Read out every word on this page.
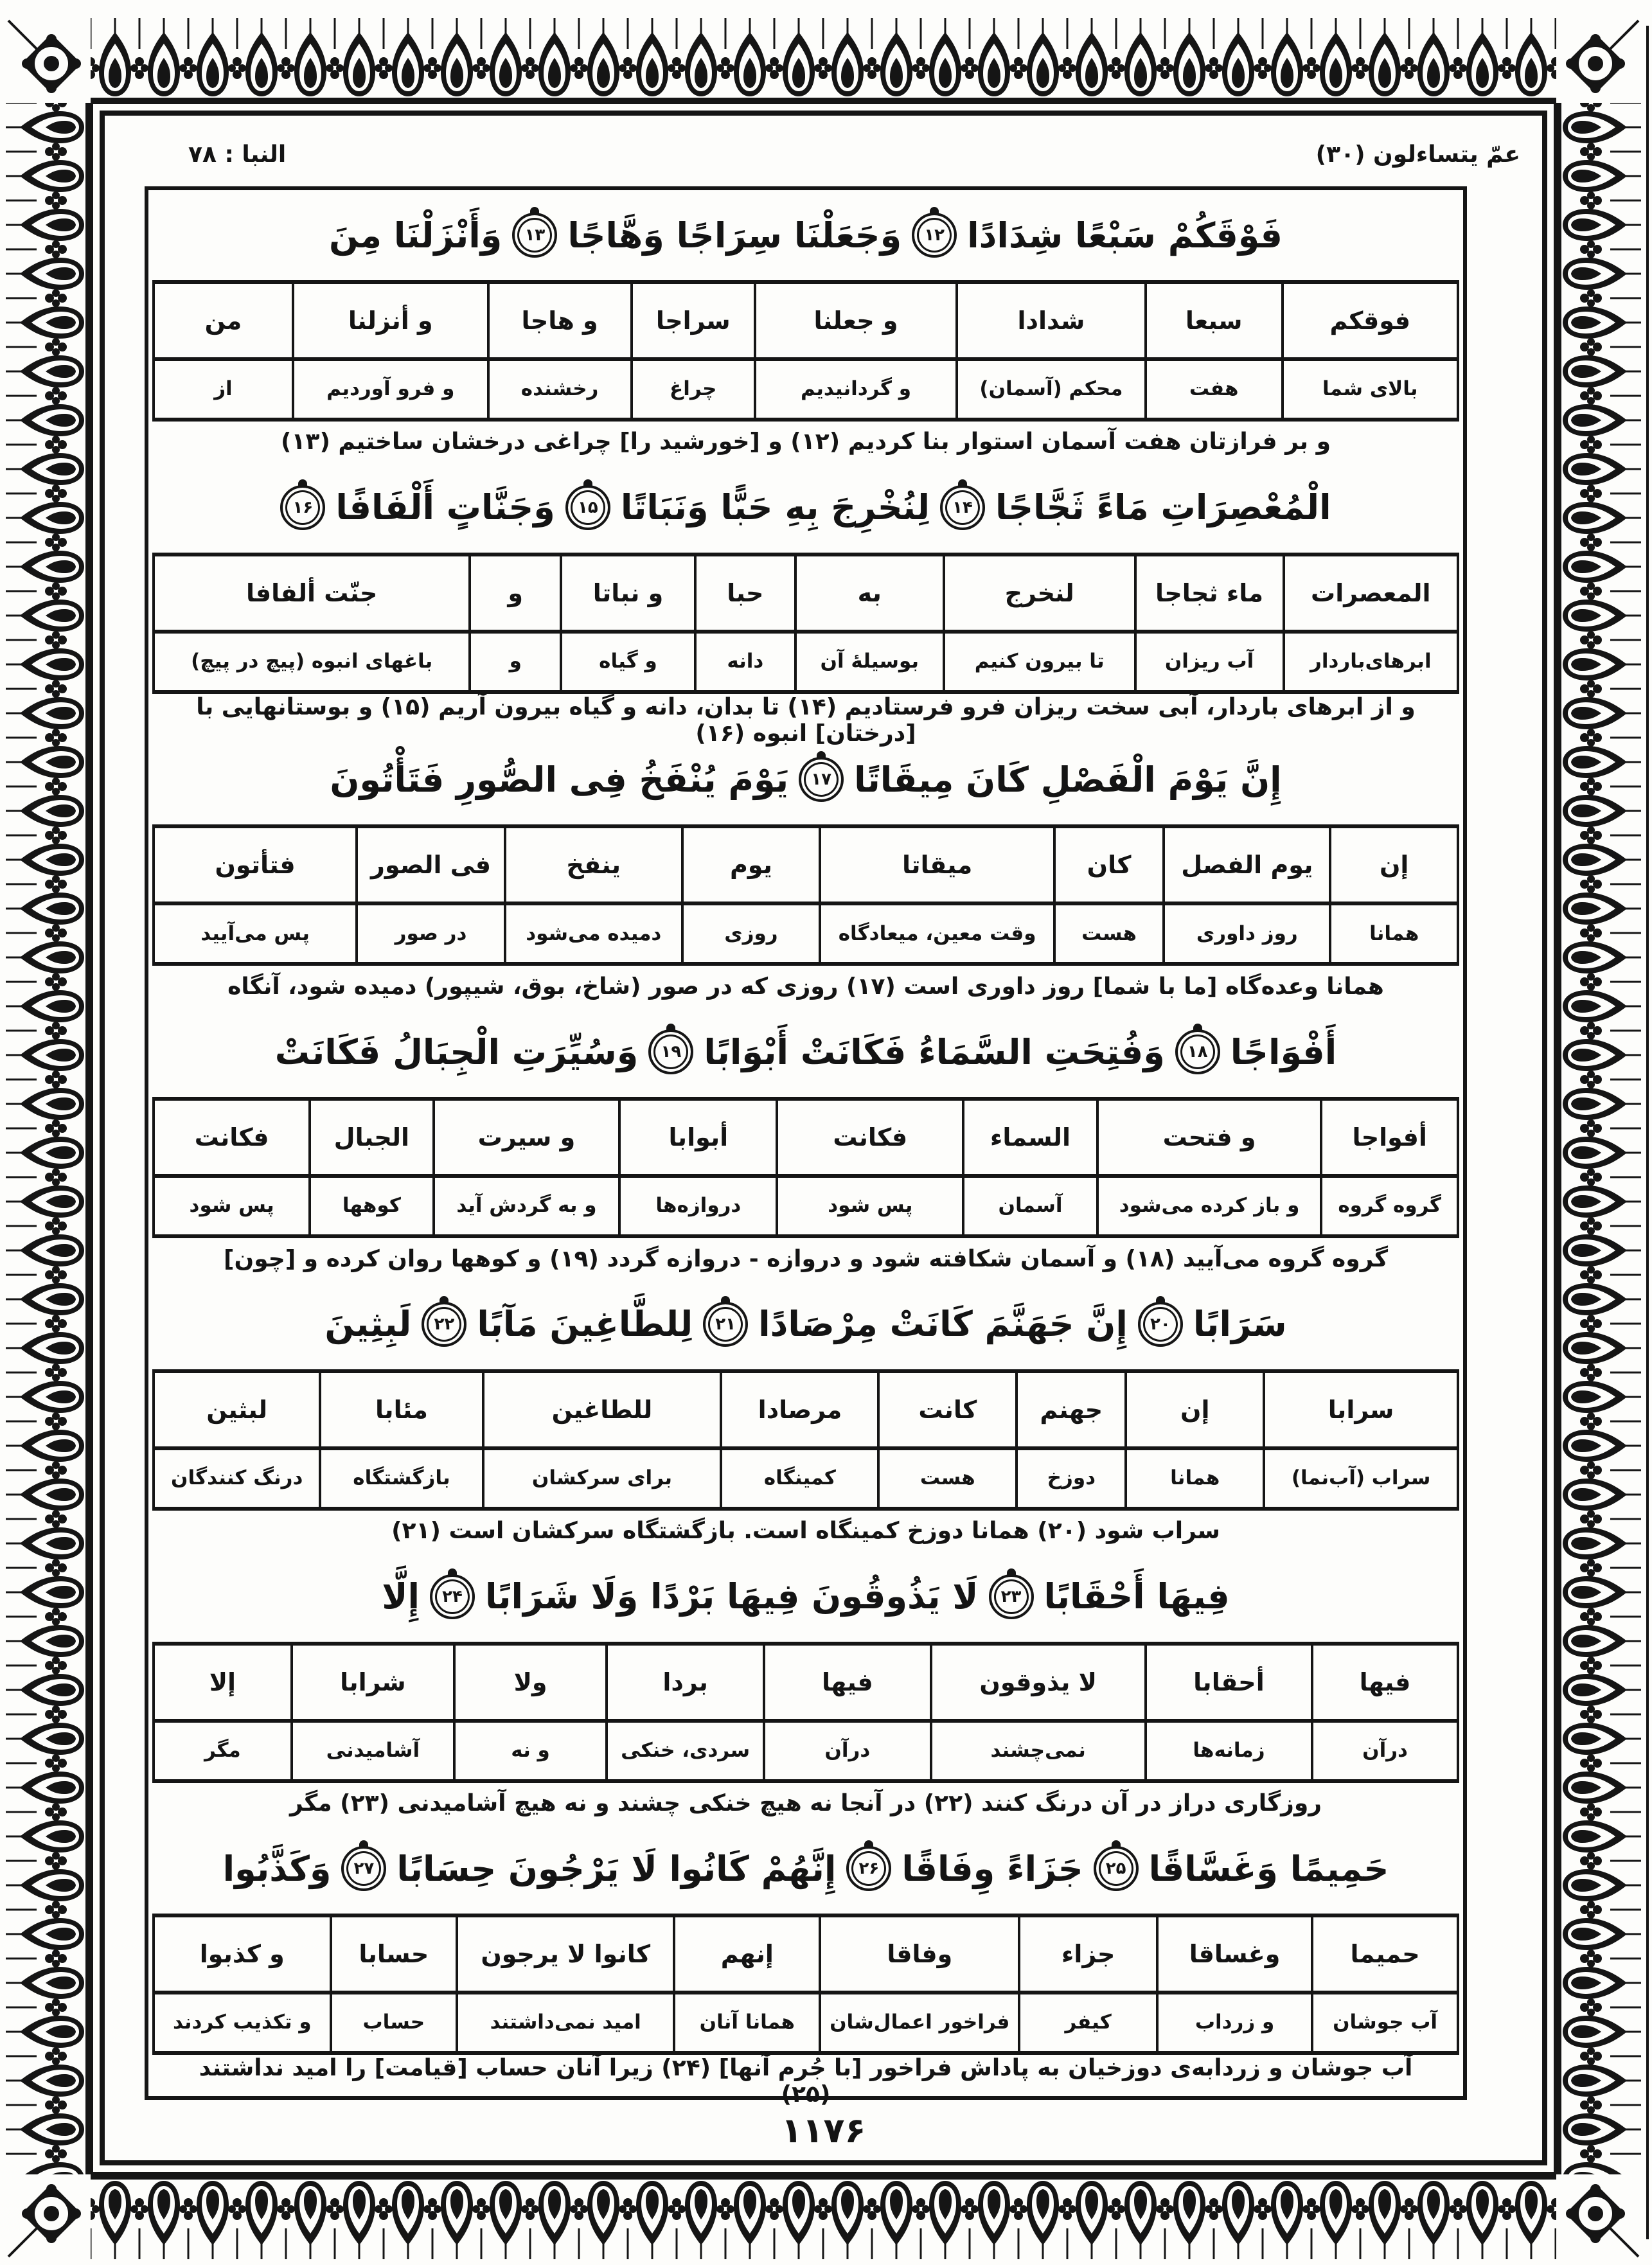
عمّ يتساءلون (۳۰)
النبا : ۷۸
فَوْقَكُمْ سَبْعًا شِدَادًا
۱۲
وَجَعَلْنَا سِرَاجًا وَهَّاجًا
۱۳
وَأَنْزَلْنَا مِنَ
فوقكم
بالای شما
سبعا
هفت
شدادا
محکم (آسمان)
و جعلنا
و گردانیدیم
سراجا
چراغ
و هاجا
رخشنده
و أنزلنا
و فرو آوردیم
من
از
و بر فرازتان هفت آسمان استوار بنا کردیم (۱۲) و [خورشید را] چراغی درخشان ساختیم (۱۳)
الْمُعْصِرَاتِ مَاءً ثَجَّاجًا
۱۴
لِنُخْرِجَ بِهِ حَبًّا وَنَبَاتًا
۱۵
وَجَنَّاتٍ أَلْفَافًا
۱۶
المعصرات
ابرهای‌باردار
ماء ثجاجا
آب ریزان
لنخرج
تا بیرون کنیم
به
بوسیلهٔ آن
حبا
دانه
و نباتا
و گیاه
و
و
جنّت ألفافا
باغهای انبوه (پیچ در پیچ)
و از ابرهای باردار، آبی سخت ریزان فرو فرستادیم (۱۴) تا بدان، دانه و گیاه بیرون آریم (۱۵) و بوستانهایی با [درختان] انبوه (۱۶)
إِنَّ يَوْمَ الْفَصْلِ كَانَ مِيقَاتًا
۱۷
يَوْمَ يُنْفَخُ فِی الصُّورِ فَتَأْتُونَ
إن
همانا
يوم الفصل
روز داوری
كان
هست
ميقاتا
وقت معین، میعادگاه
يوم
روزی
ينفخ
دمیده می‌شود
فى الصور
در صور
فتأتون
پس می‌آیید
همانا وعده‌گاه [ما با شما] روز داوری است (۱۷) روزی که در صور (شاخ، بوق، شیپور) دمیده شود، آنگاه
أَفْوَاجًا
۱۸
وَفُتِحَتِ السَّمَاءُ فَكَانَتْ أَبْوَابًا
۱۹
وَسُيِّرَتِ الْجِبَالُ فَكَانَتْ
أفواجا
گروه گروه
و فتحت
و باز کرده می‌شود
السماء
آسمان
فكانت
پس شود
أبوابا
دروازه‌ها
و سيرت
و به گردش آید
الجبال
کوهها
فكانت
پس شود
گروه گروه می‌آیید (۱۸) و آسمان شکافته شود و دروازه - دروازه گردد (۱۹) و کوهها روان کرده و [چون]
سَرَابًا
۲۰
إِنَّ جَهَنَّمَ كَانَتْ مِرْصَادًا
۲۱
لِلطَّاغِينَ مَآبًا
۲۲
لَبِثِينَ
سرابا
سراب (آب‌نما)
إن
همانا
جهنم
دوزخ
كانت
هست
مرصادا
کمینگاه
للطاغين
برای سرکشان
مئابا
بازگشتگاه
لبثين
درنگ کنندگان
سراب شود (۲۰) همانا دوزخ کمینگاه است. بازگشتگاه سرکشان است (۲۱)
فِيهَا أَحْقَابًا
۲۳
لَا يَذُوقُونَ فِيهَا بَرْدًا وَلَا شَرَابًا
۲۴
إِلَّا
فيها
درآن
أحقابا
زمانه‌ها
لا يذوقون
نمی‌چشند
فيها
درآن
بردا
سردی، خنکی
ولا
و نه
شرابا
آشامیدنی
إلا
مگر
روزگاری دراز در آن درنگ کنند (۲۲) در آنجا نه هیچ خنکی چشند و نه هیچ آشامیدنی (۲۳) مگر
حَمِيمًا وَغَسَّاقًا
۲۵
جَزَاءً وِفَاقًا
۲۶
إِنَّهُمْ كَانُوا لَا يَرْجُونَ حِسَابًا
۲۷
وَكَذَّبُوا
حميما
آب جوشان
وغساقا
و زرداب
جزاء
کیفر
وفاقا
فراخور اعمال‌شان
إنهم
همانا آنان
كانوا لا يرجون
امید نمی‌داشتند
حسابا
حساب
و كذبوا
و تکذیب کردند
آب جوشان و زردابه‌ی دوزخیان به پاداش فراخور [با جُرم آنها] (۲۴) زیرا آنان حساب [قیامت] را امید نداشتند (۲۵)
۱۱۷۶
